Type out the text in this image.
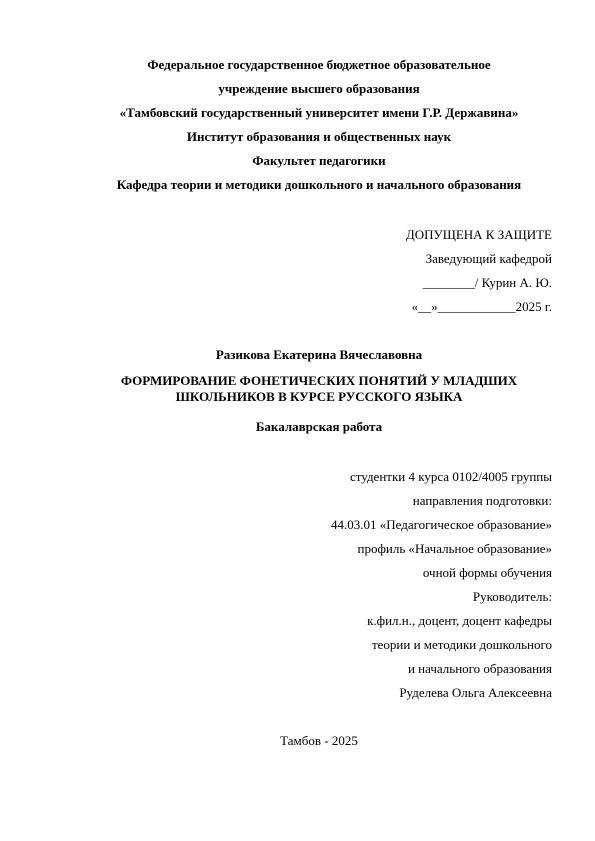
Федеральное государственное бюджетное образовательное
учреждение высшего образования
«Тамбовский государственный университет имени Г.Р. Державина»
Институт образования и общественных наук
Факультет педагогики
Кафедра теории и методики дошкольного и начального образования
ДОПУЩЕНА К ЗАЩИТЕ
Заведующий кафедрой
________/ Курин А. Ю.
«__»____________2025 г.
Разикова Екатерина Вячеславовна
ФОРМИРОВАНИЕ ФОНЕТИЧЕСКИХ ПОНЯТИЙ У МЛАДШИХ
ШКОЛЬНИКОВ В КУРСЕ РУССКОГО ЯЗЫКА
Бакалаврская работа
студентки 4 курса 0102/4005 группы
направления подготовки:
44.03.01 «Педагогическое образование»
профиль «Начальное образование»
очной формы обучения
Руководитель:
к.фил.н., доцент, доцент кафедры
теории и методики дошкольного
и начального образования
Руделева Ольга Алексеевна
Тамбов - 2025
